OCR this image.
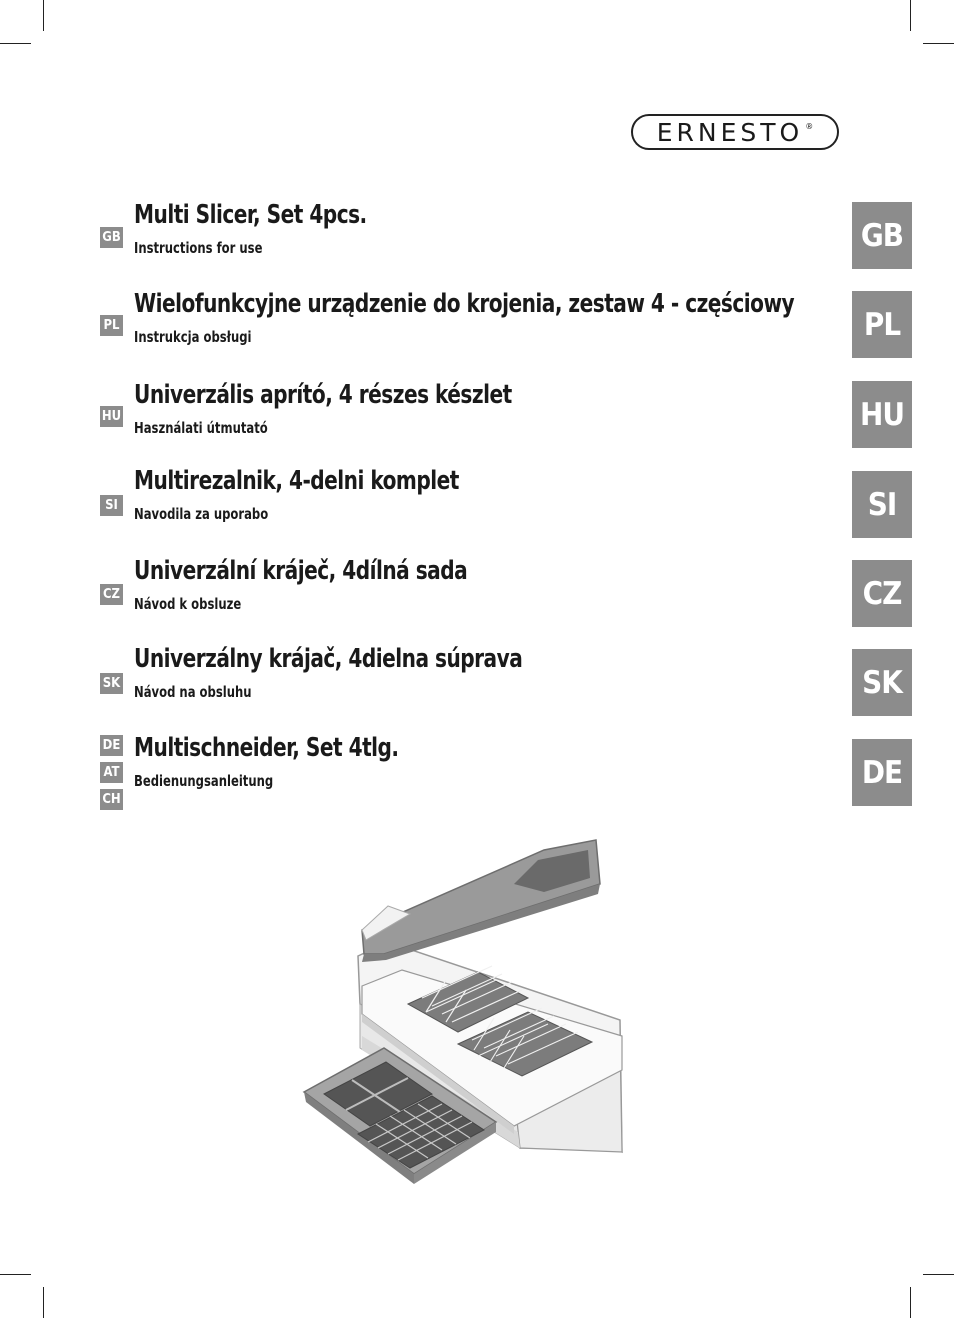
ERNESTO ®
GB
Multi Slicer, Set 4pcs.
Instructions for use
PL
Wielofunkcyjne urządzenie do krojenia, zestaw 4 - częściowy
Instrukcja obsługi
HU
Univerzális aprító, 4 részes készlet
Használati útmutató
SI
Multirezalnik, 4-delni komplet
Navodila za uporabo
CZ
Univerzální kráječ, 4dílná sada
Návod k obsluze
SK
Univerzálny krájač, 4dielna súprava
Návod na obsluhu
DE
AT
CH
Multischneider, Set 4tlg.
Bedienungsanleitung
GB
PL
HU
SI
CZ
SK
DE
